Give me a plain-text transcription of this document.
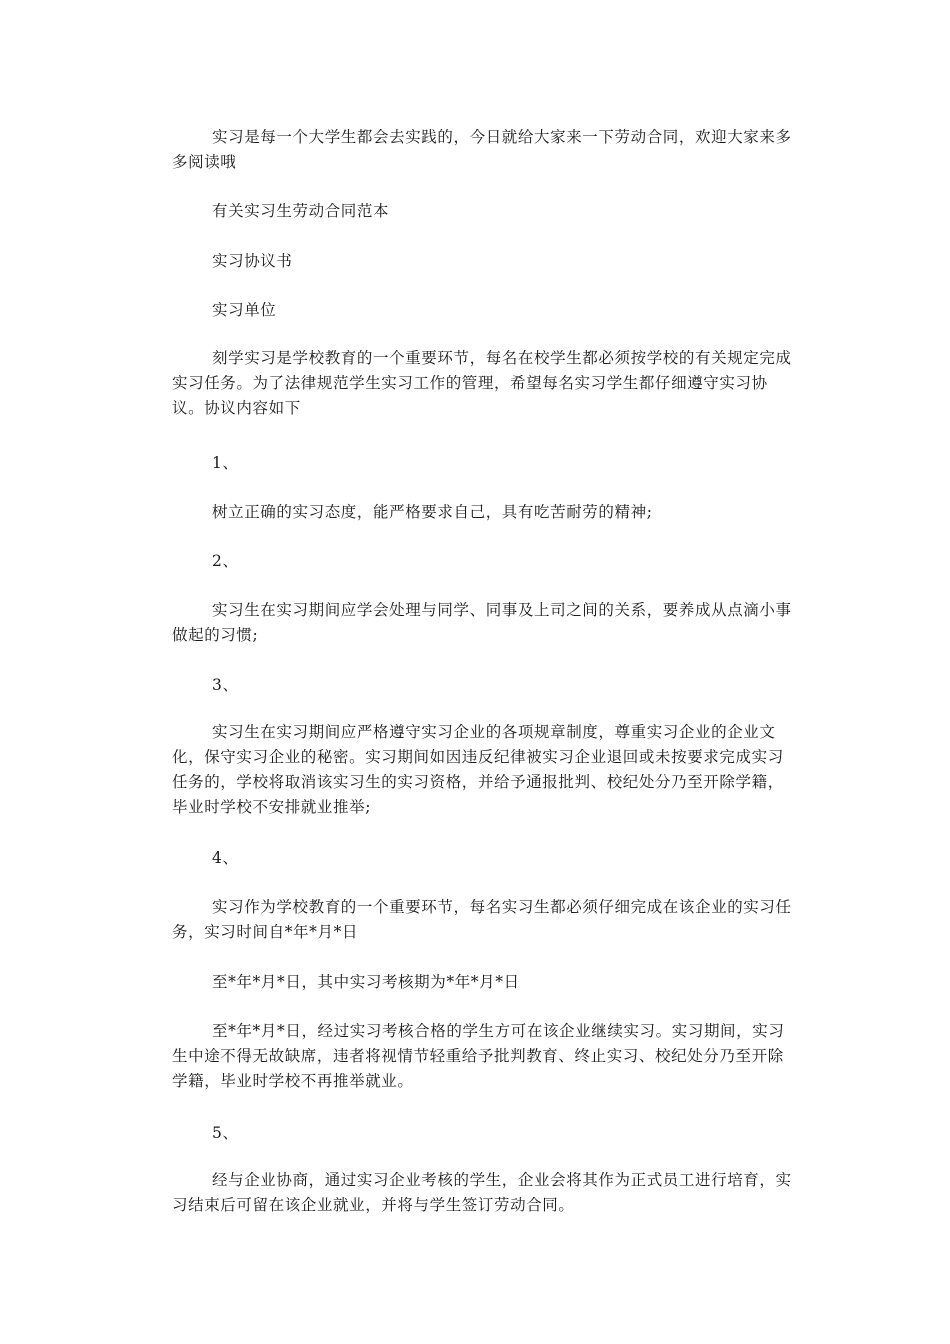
实习是每一个大学生都会去实践的，今日就给大家来一下劳动合同，欢迎大家来多多阅读哦

有关实习生劳动合同范本

实习协议书

实习单位

刻学实习是学校教育的一个重要环节，每名在校学生都必须按学校的有关规定完成实习任务。为了法律规范学生实习工作的管理，希望每名实习学生都仔细遵守实习协议。协议内容如下

1、

树立正确的实习态度，能严格要求自己，具有吃苦耐劳的精神;

2、

实习生在实习期间应学会处理与同学、同事及上司之间的关系，要养成从点滴小事做起的习惯;

3、

实习生在实习期间应严格遵守实习企业的各项规章制度，尊重实习企业的企业文化，保守实习企业的秘密。实习期间如因违反纪律被实习企业退回或未按要求完成实习任务的，学校将取消该实习生的实习资格，并给予通报批判、校纪处分乃至开除学籍，毕业时学校不安排就业推举;

4、

实习作为学校教育的一个重要环节，每名实习生都必须仔细完成在该企业的实习任务，实习时间自*年*月*日

至*年*月*日，其中实习考核期为*年*月*日

至*年*月*日，经过实习考核合格的学生方可在该企业继续实习。实习期间，实习生中途不得无故缺席，违者将视情节轻重给予批判教育、终止实习、校纪处分乃至开除学籍，毕业时学校不再推举就业。

5、

经与企业协商，通过实习企业考核的学生，企业会将其作为正式员工进行培育，实习结束后可留在该企业就业，并将与学生签订劳动合同。
